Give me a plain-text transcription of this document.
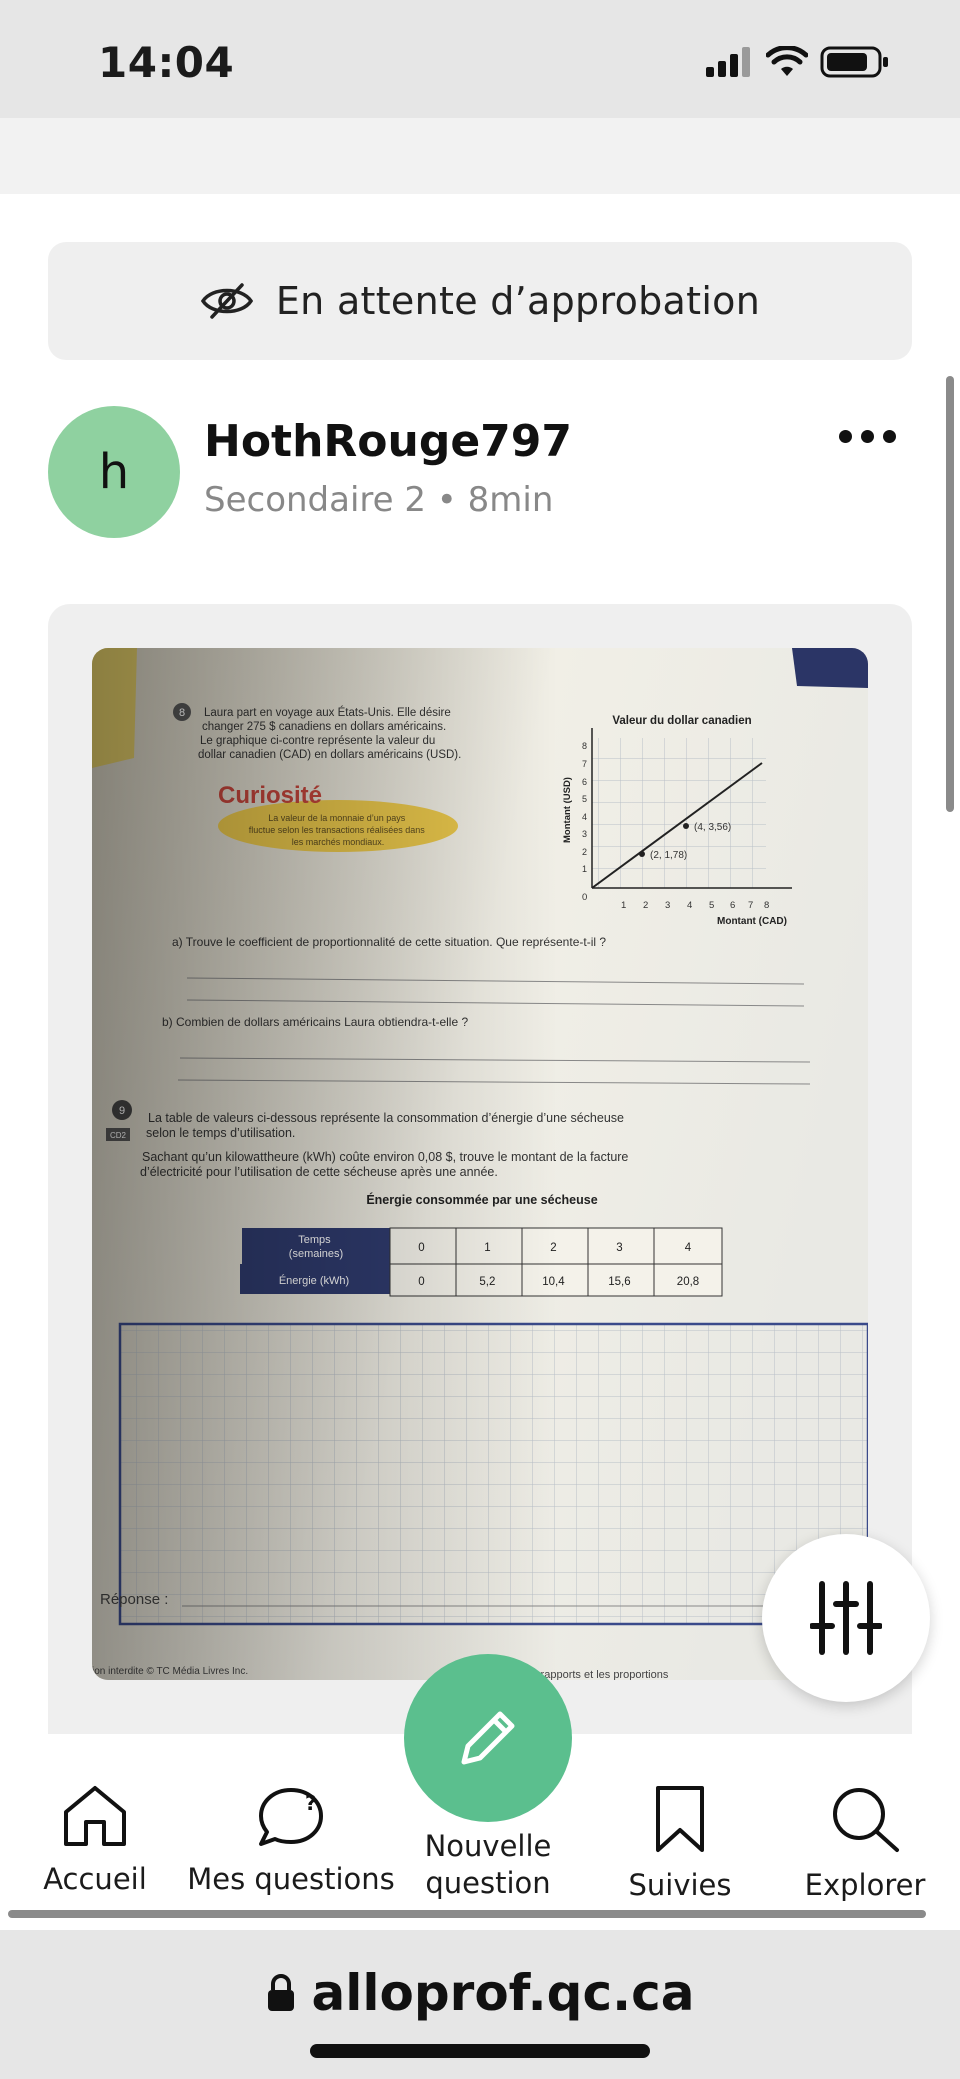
14:04
En attente d’approbation
h
HothRouge797
Secondaire 2 • 8min
Accueil
?
Mes questions	Suivies	Explorer
Nouvelle
question
alloprof.qc.ca
